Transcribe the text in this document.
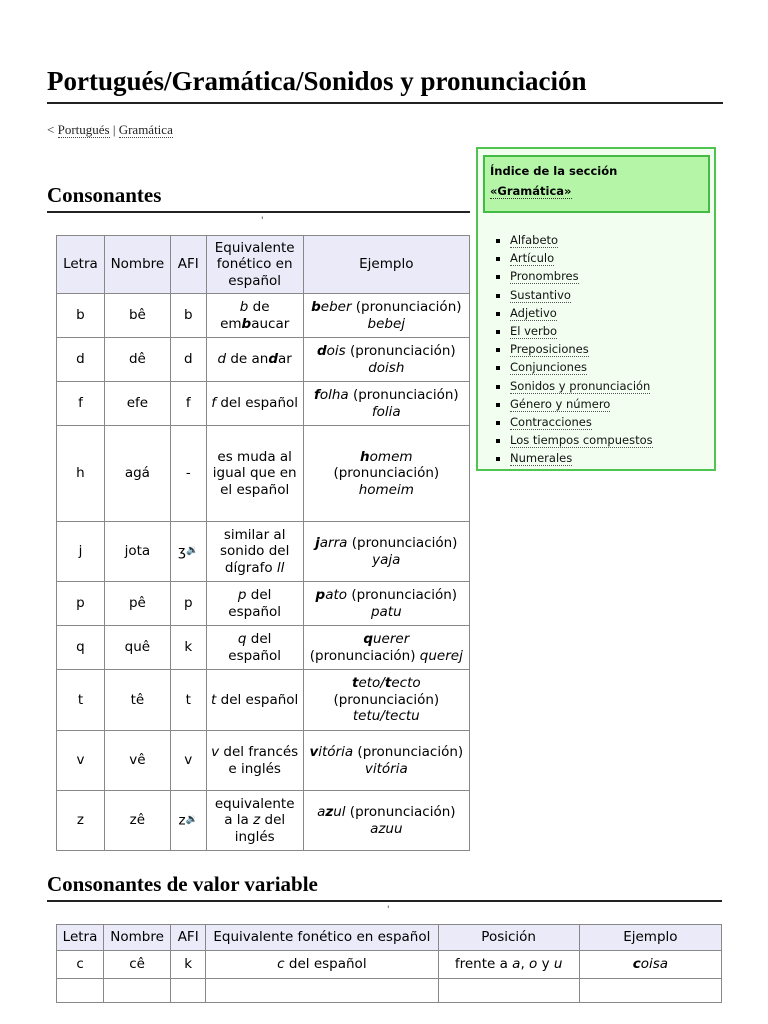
Portugués/Gramática/Sonidos y pronunciación
< Portugués | Gramática
Consonantes
'
Índice de la sección
«Gramática»
▪ Alfabeto
▪ Artículo
▪ Pronombres
▪ Sustantivo
▪ Adjetivo
▪ El verbo
▪ Preposiciones
▪ Conjunciones
▪ Sonidos y pronunciación
▪ Género y número
▪ Contracciones
▪ Los tiempos compuestos
▪ Numerales
Letra	Nombre	AFI	Equivalente fonético en español	Ejemplo
b	bê	b	b de embaucar	beber (pronunciación) bebej
d	dê	d	d de andar	dois (pronunciación) doish
f	efe	f	f del español	folha (pronunciación) folia
h	agá	-	es muda al igual que en el español	homem
(pronunciación)
homeim
j	jota	ʒ🔉	similar al sonido del dígrafo ll	jarra (pronunciación) yaja
p	pê	p	p del español	pato (pronunciación) patu
q	quê	k	q del español	querer
(pronunciación) querej
t	tê	t	t del español	teto/tecto
(pronunciación)
tetu/tectu
v	vê	v	v del francés e inglés	vitória (pronunciación) vitória
z	zê	z🔉	equivalente a la z del inglés	azul (pronunciación) azuu
Consonantes de valor variable
'
Letra	Nombre	AFI	Equivalente fonético en español	Posición	Ejemplo
c	cê	k	c del español	frente a a, o y u	coisa
